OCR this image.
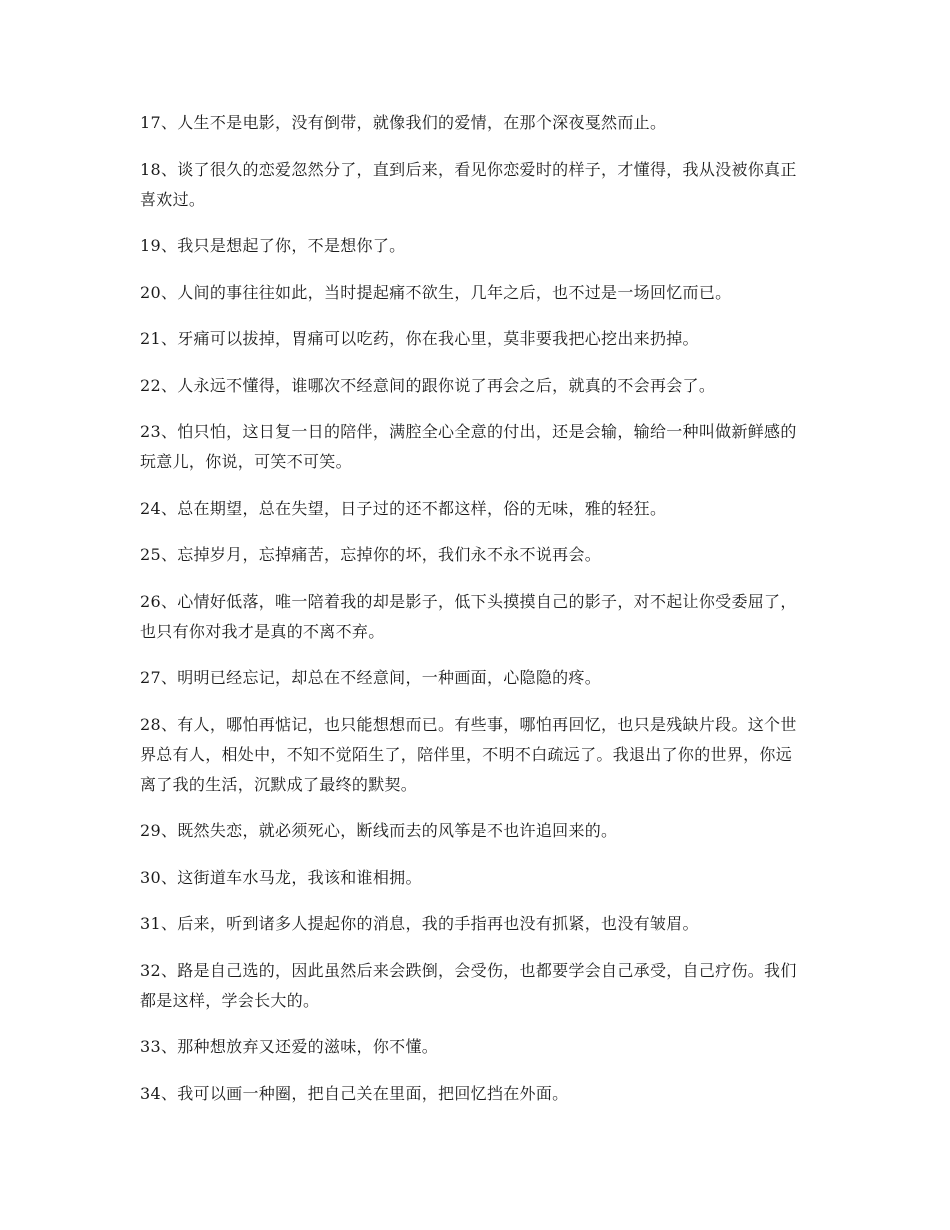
17、人生不是电影，没有倒带，就像我们的爱情，在那个深夜戛然而止。

18、谈了很久的恋爱忽然分了，直到后来，看见你恋爱时的样子，才懂得，我从没被你真正喜欢过。

19、我只是想起了你，不是想你了。

20、人间的事往往如此，当时提起痛不欲生，几年之后，也不过是一场回忆而已。

21、牙痛可以拔掉，胃痛可以吃药，你在我心里，莫非要我把心挖出来扔掉。

22、人永远不懂得，谁哪次不经意间的跟你说了再会之后，就真的不会再会了。

23、怕只怕，这日复一日的陪伴，满腔全心全意的付出，还是会输，输给一种叫做新鲜感的玩意儿，你说，可笑不可笑。

24、总在期望，总在失望，日子过的还不都这样，俗的无味，雅的轻狂。

25、忘掉岁月，忘掉痛苦，忘掉你的坏，我们永不永不说再会。

26、心情好低落，唯一陪着我的却是影子，低下头摸摸自己的影子，对不起让你受委屈了，也只有你对我才是真的不离不弃。

27、明明已经忘记，却总在不经意间，一种画面，心隐隐的疼。

28、有人，哪怕再惦记，也只能想想而已。有些事，哪怕再回忆，也只是残缺片段。这个世界总有人，相处中，不知不觉陌生了，陪伴里，不明不白疏远了。我退出了你的世界，你远离了我的生活，沉默成了最终的默契。

29、既然失恋，就必须死心，断线而去的风筝是不也许追回来的。

30、这街道车水马龙，我该和谁相拥。

31、后来，听到诸多人提起你的消息，我的手指再也没有抓紧，也没有皱眉。

32、路是自己选的，因此虽然后来会跌倒，会受伤，也都要学会自己承受，自己疗伤。我们都是这样，学会长大的。

33、那种想放弃又还爱的滋味，你不懂。

34、我可以画一种圈，把自己关在里面，把回忆挡在外面。
